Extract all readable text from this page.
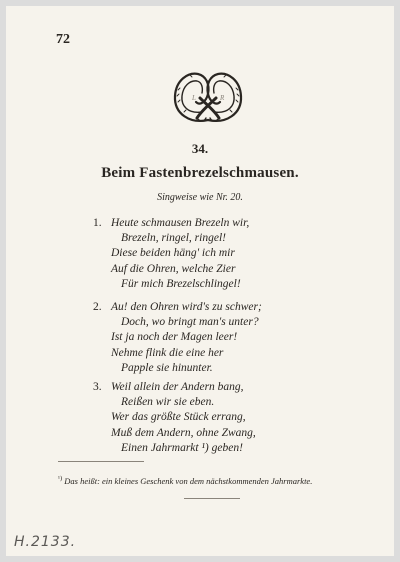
72
L	R
34.
Beim Fastenbrezelschmausen.
Singweise wie Nr. 20.
1. Heute schmausen Brezeln wir,
Brezeln, ringel, ringel!
Diese beiden häng' ich mir
Auf die Ohren, welche Zier
Für mich Brezelschlingel!
2. Au! den Ohren wird's zu schwer;
Doch, wo bringt man's unter?
Ist ja noch der Magen leer!
Nehme flink die eine her
Papple sie hinunter.
3. Weil allein der Andern bang,
Reißen wir sie eben.
Wer das größte Stück errang,
Muß dem Andern, ohne Zwang,
Einen Jahrmarkt ¹) geben!
$^{^1)}$ Das heißt: ein kleines Geschenk von dem nächstkommenden Jahrmarkte.
H.2133.
